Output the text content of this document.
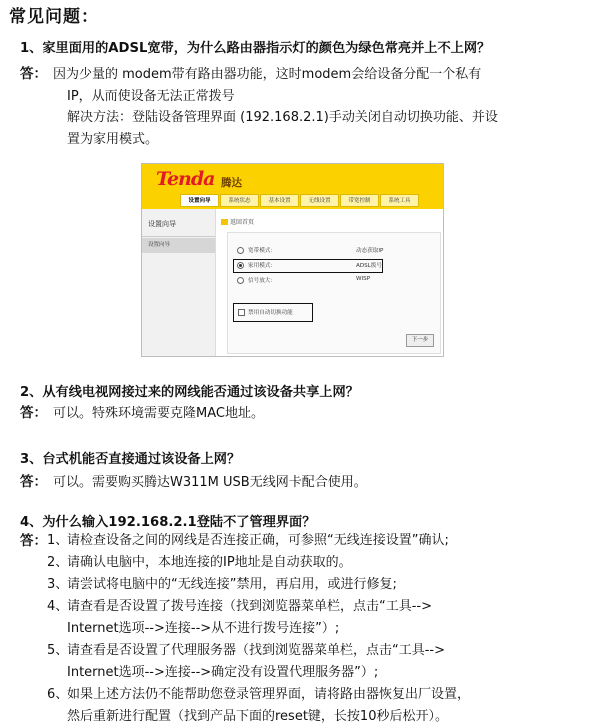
常见问题：
1、家里面用的ADSL宽带，为什么路由器指示灯的颜色为绿色常亮并上不上网？
答： 因为少量的 modem带有路由器功能，这时modem会给设备分配一个私有

IP，从而使设备无法正常拨号

解决方法：登陆设备管理界面 (192.168.2.1)手动关闭自动切换功能、并设

置为家用模式。

Tenda 腾达
设置向导	系统状态	基本设置	无线设置	带宽控制	系统工具
设置向导
设置向导
返回首页
宽带模式：	动态获取IP
家用模式：	ADSL拨号
信号放大：	WISP
禁用自动切换功能
下一步
2、从有线电视网接过来的网线能否通过该设备共享上网？
答： 可以。特殊环境需要克隆MAC地址。
3、台式机能否直接通过该设备上网？
答： 可以。需要购买腾达W311M USB无线网卡配合使用。
4、为什么输入192.168.2.1登陆不了管理界面？
答： 1、请检查设备之间的网线是否连接正确，可参照“无线连接设置”确认;
2、请确认电脑中，本地连接的IP地址是自动获取的。
3、请尝试将电脑中的“无线连接”禁用，再启用，或进行修复;
4、请查看是否设置了拨号连接（找到浏览器菜单栏，点击“工具-->
Internet选项-->连接-->从不进行拨号连接”）;
5、请查看是否设置了代理服务器（找到浏览器菜单栏，点击“工具-->
Internet选项-->连接-->确定没有设置代理服务器”）;
6、如果上述方法仍不能帮助您登录管理界面，请将路由器恢复出厂设置，
然后重新进行配置（找到产品下面的reset键，长按10秒后松开）。
